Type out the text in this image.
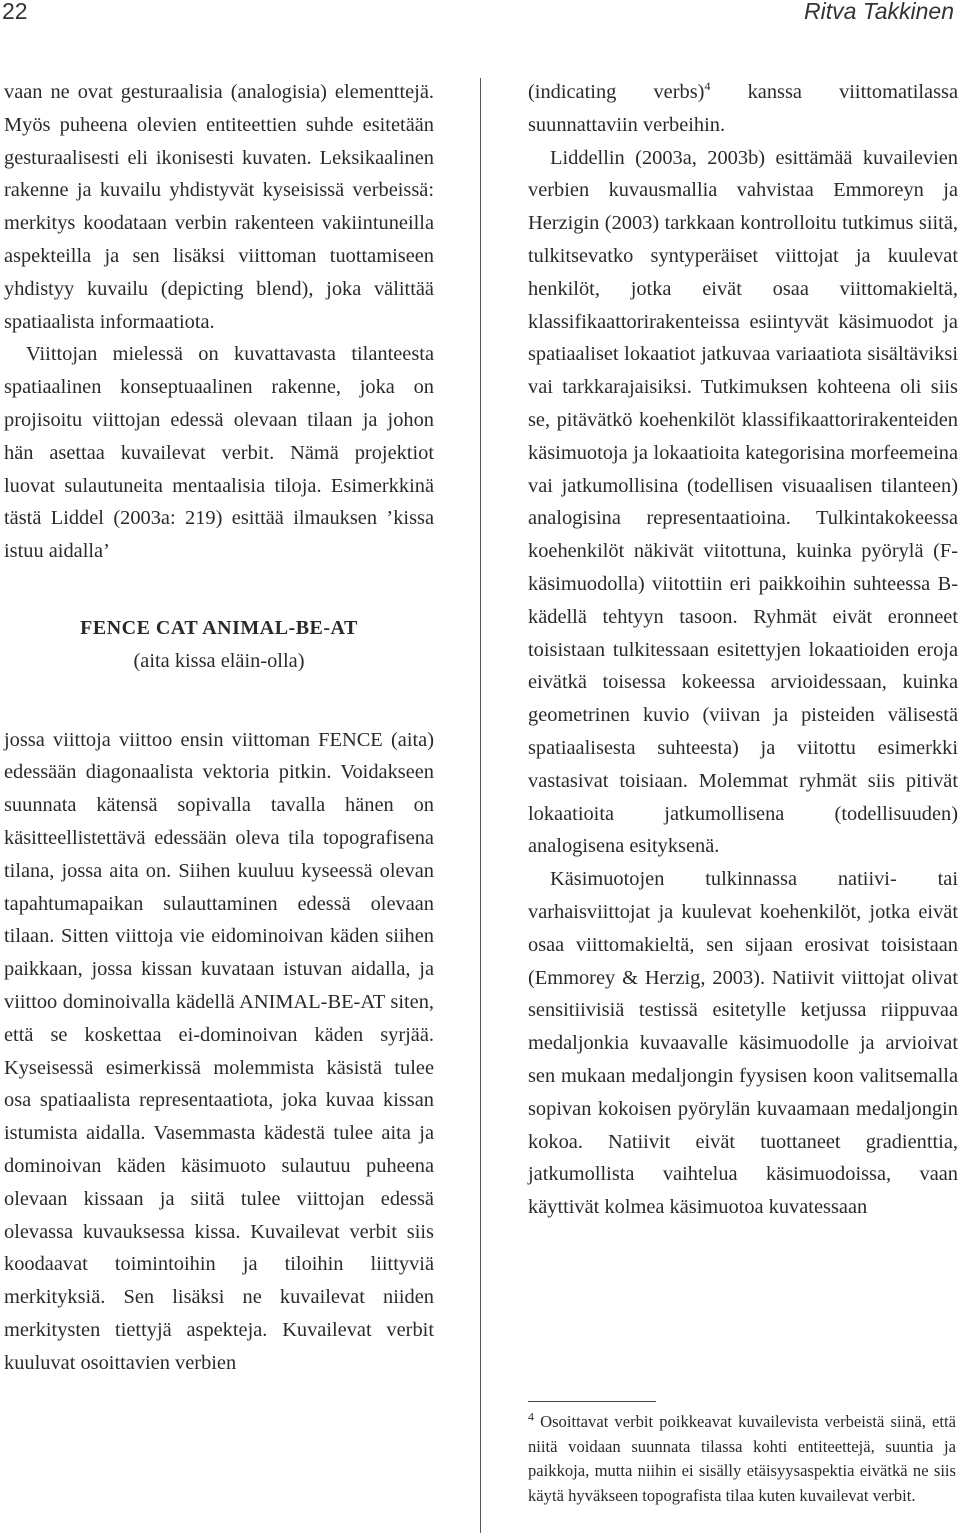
22	Ritva Takkinen

vaan ne ovat gesturaalisia (analogisia) elementtejä. Myös puheena olevien entiteettien suhde esitetään gesturaalisesti eli ikonisesti kuvaten. Leksikaalinen rakenne ja kuvailu yhdistyvät kyseisissä verbeissä: merkitys koodataan verbin rakenteen vakiintuneilla aspekteilla ja sen lisäksi viittoman tuottamiseen yhdistyy kuvailu (depicting blend), joka välittää spatiaalista informaatiota.

Viittojan mielessä on kuvattavasta tilanteesta spatiaalinen konseptuaalinen rakenne, joka on projisoitu viittojan edessä olevaan tilaan ja johon hän asettaa kuvailevat verbit. Nämä projektiot luovat sulautuneita mentaalisia tiloja. Esimerkkinä tästä Liddel (2003a: 219) esittää ilmauksen ’kissa istuu aidalla’

FENCE CAT ANIMAL-BE-AT
(aita kissa eläin-olla)

jossa viittoja viittoo ensin viittoman FENCE (aita) edessään diagonaalista vektoria pitkin. Voidakseen suunnata kätensä sopivalla tavalla hänen on käsitteellistettävä edessään oleva tila topografisena tilana, jossa aita on. Siihen kuuluu kyseessä olevan tapahtumapaikan sulauttaminen edessä olevaan tilaan. Sitten viittoja vie eidominoivan käden siihen paikkaan, jossa kissan kuvataan istuvan aidalla, ja viittoo dominoivalla kädellä ANIMAL-BE-AT siten, että se koskettaa ei-dominoivan käden syrjää. Kyseisessä esimerkissä molemmista käsistä tulee osa spatiaalista representaatiota, joka kuvaa kissan istumista aidalla. Vasemmasta kädestä tulee aita ja dominoivan käden käsimuoto sulautuu puheena olevaan kissaan ja siitä tulee viittojan edessä olevassa kuvauksessa kissa. Kuvailevat verbit siis koodaavat toimintoihin ja tiloihin liittyviä merkityksiä. Sen lisäksi ne kuvailevat niiden merkitysten tiettyjä aspekteja. Kuvailevat verbit kuuluvat osoittavien verbien

(indicating verbs)$^4$ kanssa viittomatilassa suunnattaviin verbeihin.

Liddellin (2003a, 2003b) esittämää kuvailevien verbien kuvausmallia vahvistaa Emmoreyn ja Herzigin (2003) tarkkaan kontrolloitu tutkimus siitä, tulkitsevatko syntyperäiset viittojat ja kuulevat henkilöt, jotka eivät osaa viittomakieltä, klassifikaattorirakenteissa esiintyvät käsimuodot ja spatiaaliset lokaatiot jatkuvaa variaatiota sisältäviksi vai tarkkarajaisiksi. Tutkimuksen kohteena oli siis se, pitävätkö koehenkilöt klassifikaattorirakenteiden käsimuotoja ja lokaatioita kategorisina morfeemeina vai jatkumollisina (todellisen visuaalisen tilanteen) analogisina representaatioina. Tulkintakokeessa koehenkilöt näkivät viitottuna, kuinka pyörylä (F-käsimuodolla) viitottiin eri paikkoihin suhteessa B-kädellä tehtyyn tasoon. Ryhmät eivät eronneet toisistaan tulkitessaan esitettyjen lokaatioiden eroja eivätkä toisessa kokeessa arvioidessaan, kuinka geometrinen kuvio (viivan ja pisteiden välisestä spatiaalisesta suhteesta) ja viitottu esimerkki vastasivat toisiaan. Molemmat ryhmät siis pitivät lokaatioita jatkumollisena (todellisuuden) analogisena esityksenä.

Käsimuotojen tulkinnassa natiivi- tai varhaisviittojat ja kuulevat koehenkilöt, jotka eivät osaa viittomakieltä, sen sijaan erosivat toisistaan (Emmorey & Herzig, 2003). Natiivit viittojat olivat sensitiivisiä testissä esitetylle ketjussa riippuvaa medaljonkia kuvaavalle käsimuodolle ja arvioivat sen mukaan medaljongin fyysisen koon valitsemalla sopivan kokoisen pyörylän kuvaamaan medaljongin kokoa. Natiivit eivät tuottaneet gradienttia, jatkumollista vaihtelua käsimuodoissa, vaan käyttivät kolmea käsimuotoa kuvatessaan

$^4$ Osoittavat verbit poikkeavat kuvailevista verbeistä siinä, että niitä voidaan suunnata tilassa kohti entiteettejä, suuntia ja paikkoja, mutta niihin ei sisälly etäisyysaspektia eivätkä ne siis käytä hyväkseen topografista tilaa kuten kuvailevat verbit.
